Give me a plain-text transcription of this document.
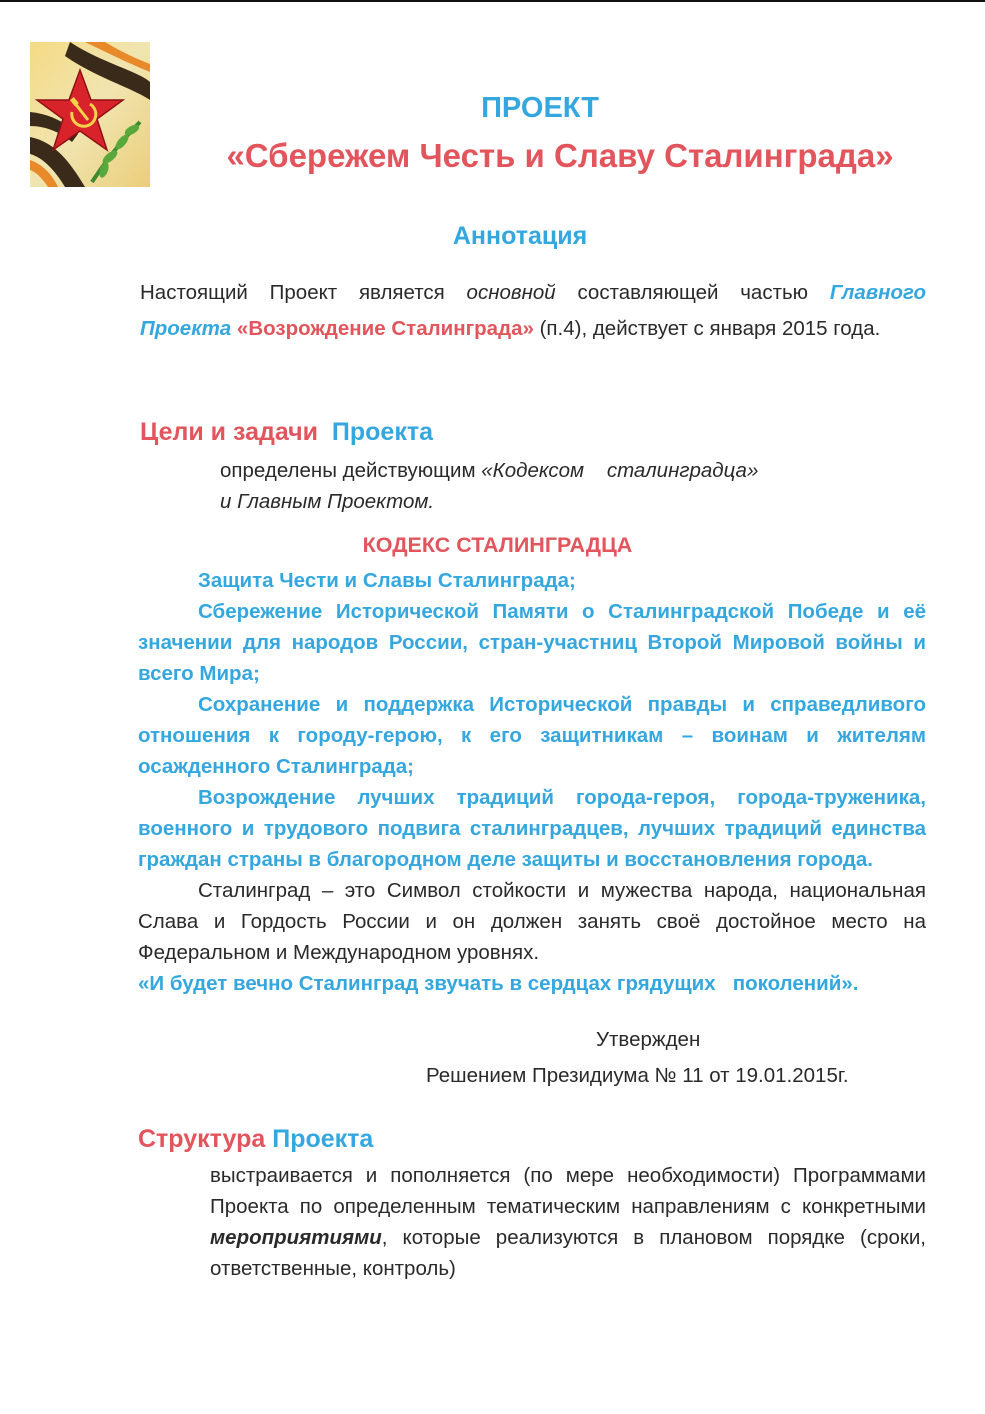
ПРОЕКТ
«Сбережем Честь и Славу Сталинграда»
Аннотация

Настоящий Проект является основной составляющей частью Главного Проекта «Возрождение Сталинграда» (п.4), действует с января 2015 года.

Цели и задачи Проекта

определены действующим «Кодексом    сталинградца»
и Главным Проектом.

КОДЕКС СТАЛИНГРАДЦА

Защита Чести и Славы Сталинграда;

Сбережение Исторической Памяти о Сталинградской Победе и её значении для народов России, стран-участниц Второй Мировой войны и всего Мира;

Сохранение и поддержка Исторической правды и справедливого отношения к городу-герою, к его защитникам – воинам и жителям осажденного Сталинграда;

Возрождение лучших традиций города-героя, города-труженика, военного и трудового подвига сталинградцев, лучших традиций единства граждан страны в благородном деле защиты и восстановления города.

Сталинград – это Символ стойкости и мужества народа, национальная Слава и Гордость России и он должен занять своё достойное место на Федеральном и Международном уровнях.

«И будет вечно Сталинград звучать в сердцах грядущих   поколений».

Утвержден

Решением Президиума № 11 от 19.01.2015г.

Структура Проекта

выстраивается и пополняется (по мере необходимости) Программами Проекта по определенным тематическим направлениям с конкретными мероприятиями, которые реализуются в плановом порядке (сроки, ответственные, контроль)
